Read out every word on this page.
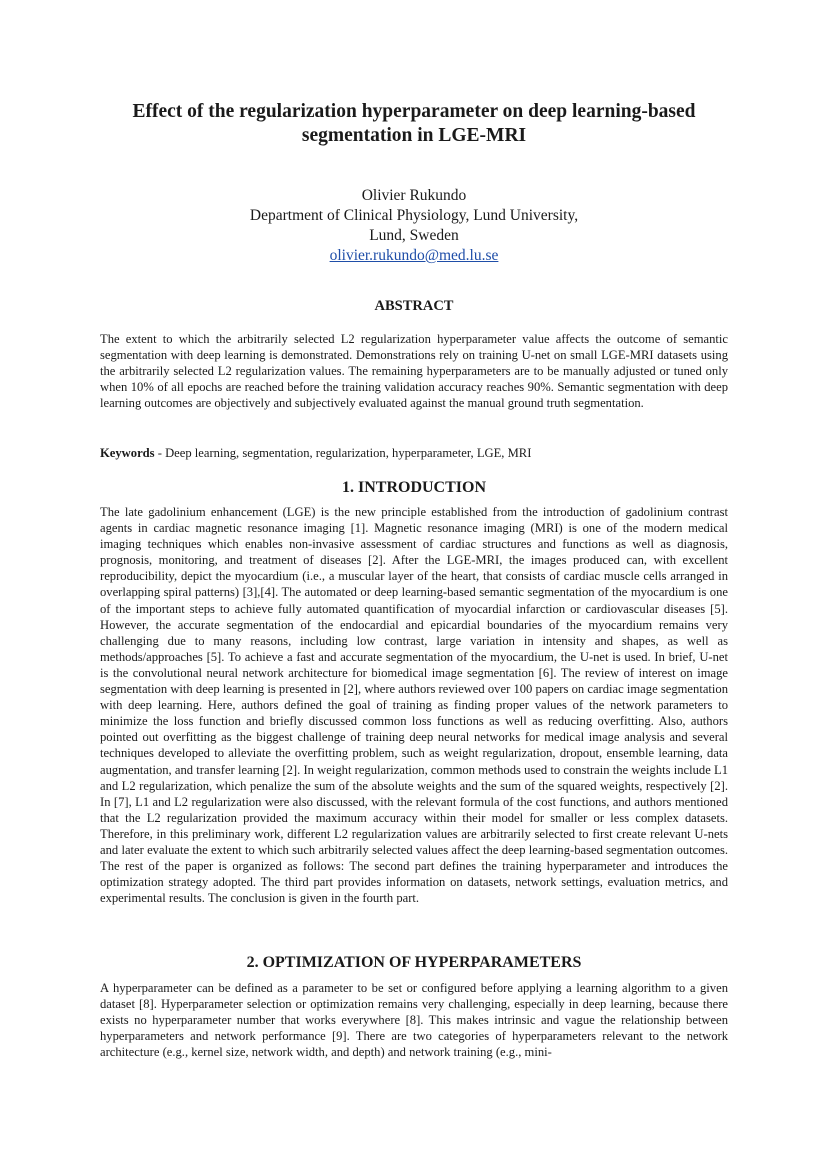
Effect of the regularization hyperparameter on deep learning-based segmentation in LGE-MRI
Olivier Rukundo
Department of Clinical Physiology, Lund University,
Lund, Sweden
olivier.rukundo@med.lu.se
ABSTRACT

The extent to which the arbitrarily selected L2 regularization hyperparameter value affects the outcome of semantic segmentation with deep learning is demonstrated. Demonstrations rely on training U-net on small LGE-MRI datasets using the arbitrarily selected L2 regularization values. The remaining hyperparameters are to be manually adjusted or tuned only when 10% of all epochs are reached before the training validation accuracy reaches 90%. Semantic segmentation with deep learning outcomes are objectively and subjectively evaluated against the manual ground truth segmentation.

Keywords - Deep learning, segmentation, regularization, hyperparameter, LGE, MRI

1. INTRODUCTION

The late gadolinium enhancement (LGE) is the new principle established from the introduction of gadolinium contrast agents in cardiac magnetic resonance imaging [1]. Magnetic resonance imaging (MRI) is one of the modern medical imaging techniques which enables non-invasive assessment of cardiac structures and functions as well as diagnosis, prognosis, monitoring, and treatment of diseases [2]. After the LGE-MRI, the images produced can, with excellent reproducibility, depict the myocardium (i.e., a muscular layer of the heart, that consists of cardiac muscle cells arranged in overlapping spiral patterns) [3],[4]. The automated or deep learning-based semantic segmentation of the myocardium is one of the important steps to achieve fully automated quantification of myocardial infarction or cardiovascular diseases [5]. However, the accurate segmentation of the endocardial and epicardial boundaries of the myocardium remains very challenging due to many reasons, including low contrast, large variation in intensity and shapes, as well as methods/approaches [5]. To achieve a fast and accurate segmentation of the myocardium, the U-net is used. In brief, U-net is the convolutional neural network architecture for biomedical image segmentation [6]. The review of interest on image segmentation with deep learning is presented in [2], where authors reviewed over 100 papers on cardiac image segmentation with deep learning. Here, authors defined the goal of training as finding proper values of the network parameters to minimize the loss function and briefly discussed common loss functions as well as reducing overfitting. Also, authors pointed out overfitting as the biggest challenge of training deep neural networks for medical image analysis and several techniques developed to alleviate the overfitting problem, such as weight regularization, dropout, ensemble learning, data augmentation, and transfer learning [2]. In weight regularization, common methods used to constrain the weights include L1 and L2 regularization, which penalize the sum of the absolute weights and the sum of the squared weights, respectively [2]. In [7], L1 and L2 regularization were also discussed, with the relevant formula of the cost functions, and authors mentioned that the L2 regularization provided the maximum accuracy within their model for smaller or less complex datasets. Therefore, in this preliminary work, different L2 regularization values are arbitrarily selected to first create relevant U-nets and later evaluate the extent to which such arbitrarily selected values affect the deep learning-based segmentation outcomes. The rest of the paper is organized as follows: The second part defines the training hyperparameter and introduces the optimization strategy adopted. The third part provides information on datasets, network settings, evaluation metrics, and experimental results. The conclusion is given in the fourth part.

2. OPTIMIZATION OF HYPERPARAMETERS

A hyperparameter can be defined as a parameter to be set or configured before applying a learning algorithm to a given dataset [8]. Hyperparameter selection or optimization remains very challenging, especially in deep learning, because there exists no hyperparameter number that works everywhere [8]. This makes intrinsic and vague the relationship between hyperparameters and network performance [9]. There are two categories of hyperparameters relevant to the network architecture (e.g., kernel size, network width, and depth) and network training (e.g., mini-
